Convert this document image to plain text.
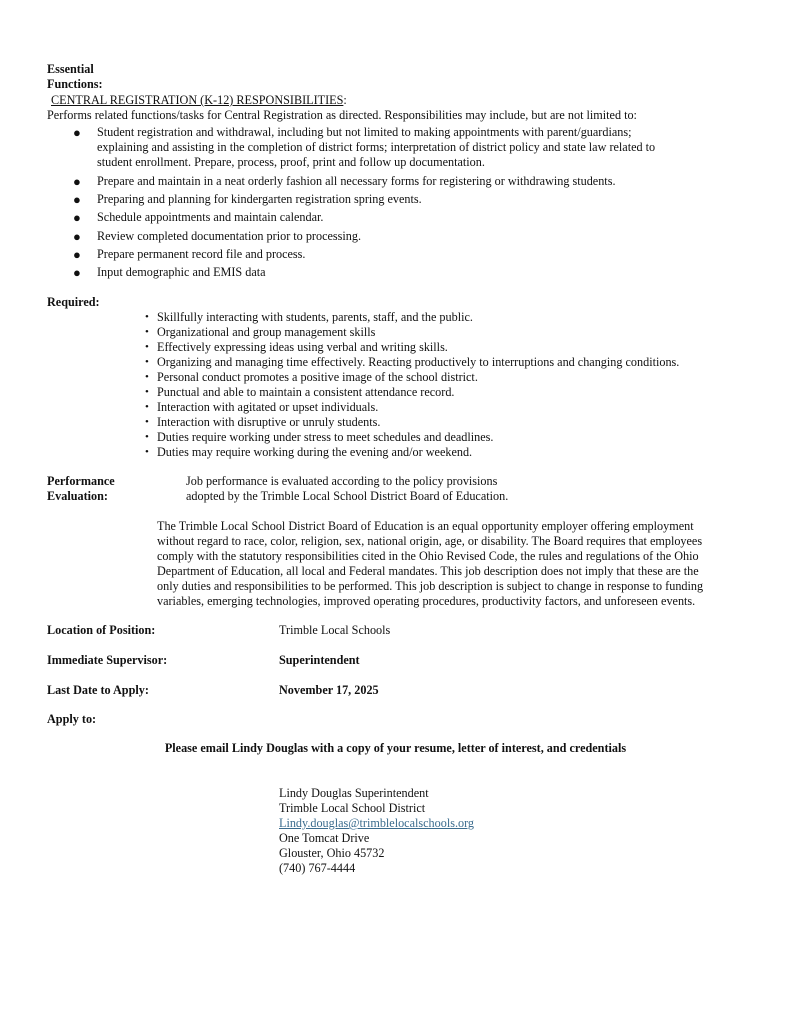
Essential
Functions:
CENTRAL REGISTRATION (K-12) RESPONSIBILITIES:
Performs related functions/tasks for Central Registration as directed. Responsibilities may include, but are not limited to:
● Student registration and withdrawal, including but not limited to making appointments with parent/guardians;
explaining and assisting in the completion of district forms; interpretation of district policy and state law related to
student enrollment. Prepare, process, proof, print and follow up documentation.
● Prepare and maintain in a neat orderly fashion all necessary forms for registering or withdrawing students.
● Preparing and planning for kindergarten registration spring events.
● Schedule appointments and maintain calendar.
● Review completed documentation prior to processing.
● Prepare permanent record file and process.
● Input demographic and EMIS data
Required:
• Skillfully interacting with students, parents, staff, and the public.
• Organizational and group management skills
• Effectively expressing ideas using verbal and writing skills.
• Organizing and managing time effectively. Reacting productively to interruptions and changing conditions.
• Personal conduct promotes a positive image of the school district.
• Punctual and able to maintain a consistent attendance record.
• Interaction with agitated or upset individuals.
• Interaction with disruptive or unruly students.
• Duties require working under stress to meet schedules and deadlines.
• Duties may require working during the evening and/or weekend.
Performance
Evaluation:
Job performance is evaluated according to the policy provisions
adopted by the Trimble Local School District Board of Education.
The Trimble Local School District Board of Education is an equal opportunity employer offering employment
without regard to race, color, religion, sex, national origin, age, or disability. The Board requires that employees
comply with the statutory responsibilities cited in the Ohio Revised Code, the rules and regulations of the Ohio
Department of Education, all local and Federal mandates. This job description does not imply that these are the
only duties and responsibilities to be performed. This job description is subject to change in response to funding
variables, emerging technologies, improved operating procedures, productivity factors, and unforeseen events.
Location of Position:	Trimble Local Schools
Immediate Supervisor:	Superintendent
Last Date to Apply:	November 17, 2025
Apply to:
Please email Lindy Douglas with a copy of your resume, letter of interest, and credentials
Lindy Douglas Superintendent
Trimble Local School District
Lindy.douglas@trimblelocalschools.org
One Tomcat Drive
Glouster, Ohio 45732
(740) 767-4444
